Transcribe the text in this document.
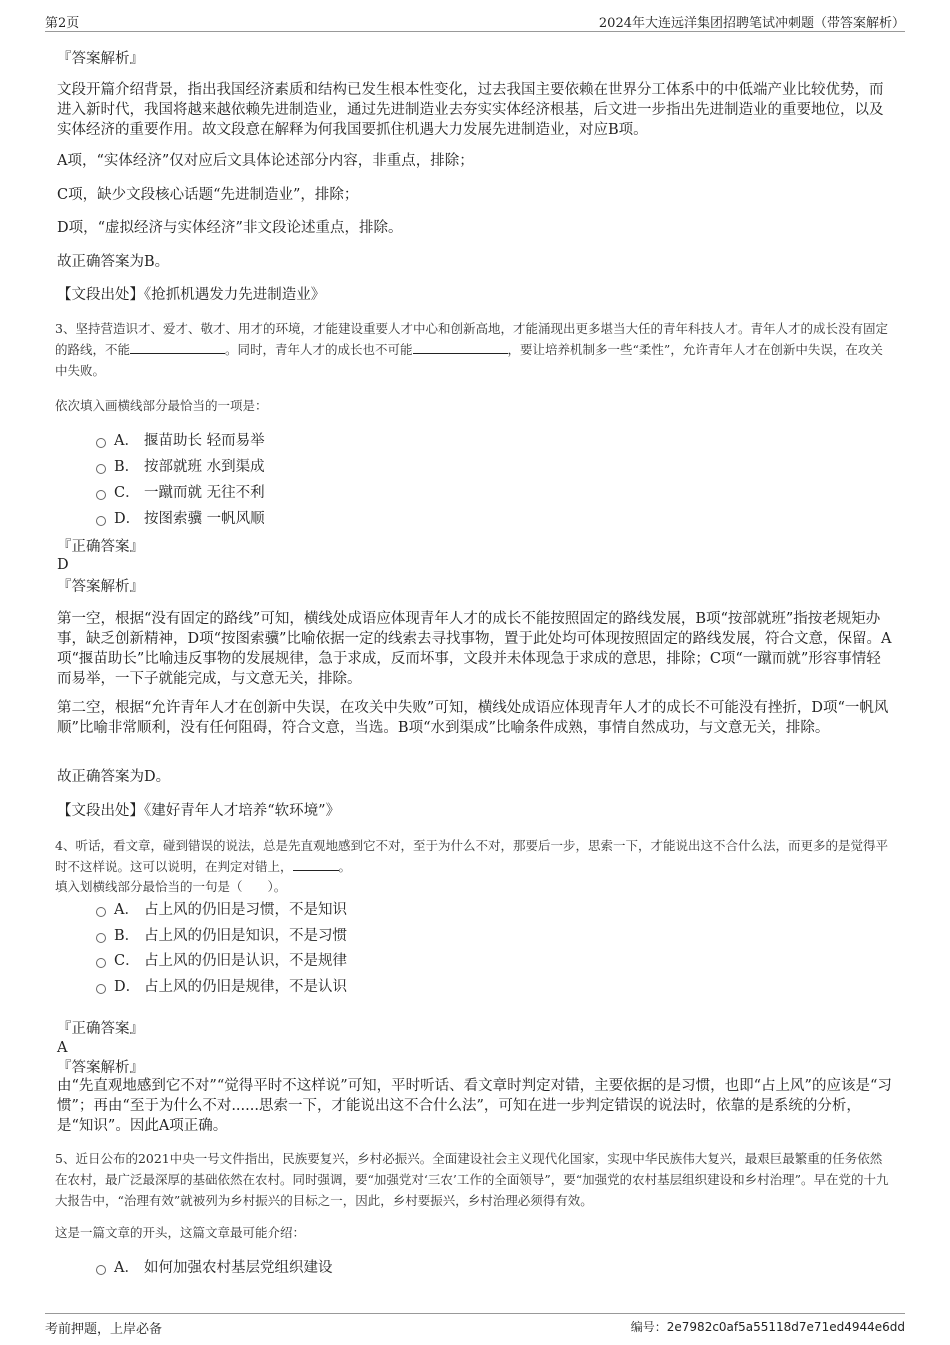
第2页	2024年大连远洋集团招聘笔试冲刺题（带答案解析）
『答案解析』
文段开篇介绍背景，指出我国经济素质和结构已发生根本性变化，过去我国主要依赖在世界分工体系中的中低端产业比较优势，而进入新时代，我国将越来越依赖先进制造业，通过先进制造业去夯实实体经济根基，后文进一步指出先进制造业的重要地位，以及实体经济的重要作用。故文段意在解释为何我国要抓住机遇大力发展先进制造业，对应B项。
A项，“实体经济”仅对应后文具体论述部分内容，非重点，排除；
C项，缺少文段核心话题“先进制造业”，排除；
D项，“虚拟经济与实体经济”非文段论述重点，排除。
故正确答案为B。
【文段出处】《抢抓机遇发力先进制造业》
3、坚持营造识才、爱才、敬才、用才的环境，才能建设重要人才中心和创新高地，才能涌现出更多堪当大任的青年科技人才。青年人才的成长没有固定的路线，不能	。同时，青年人才的成长也不可能	，要让培养机制多一些“柔性”，允许青年人才在创新中失误，在攻关中失败。
依次填入画横线部分最恰当的一项是：
A． 揠苗助长 轻而易举
B． 按部就班 水到渠成
C． 一蹴而就 无往不利
D． 按图索骥 一帆风顺
『正确答案』
D
『答案解析』
第一空，根据“没有固定的路线”可知，横线处成语应体现青年人才的成长不能按照固定的路线发展，B项“按部就班”指按老规矩办事，缺乏创新精神，D项“按图索骥”比喻依据一定的线索去寻找事物，置于此处均可体现按照固定的路线发展，符合文意，保留。A项“揠苗助长”比喻违反事物的发展规律，急于求成，反而坏事，文段并未体现急于求成的意思，排除；C项“一蹴而就”形容事情轻而易举，一下子就能完成，与文意无关，排除。
第二空，根据“允许青年人才在创新中失误，在攻关中失败”可知，横线处成语应体现青年人才的成长不可能没有挫折，D项“一帆风顺”比喻非常顺利，没有任何阻碍，符合文意，当选。B项“水到渠成”比喻条件成熟，事情自然成功，与文意无关，排除。
故正确答案为D。
【文段出处】《建好青年人才培养“软环境”》
4、听话，看文章，碰到错误的说法，总是先直观地感到它不对，至于为什么不对，那要后一步，思索一下，才能说出这不合什么法，而更多的是觉得平时不这样说。这可以说明，在判定对错上，	。
填入划横线部分最恰当的一句是（　　）。
A． 占上风的仍旧是习惯，不是知识
B． 占上风的仍旧是知识，不是习惯
C． 占上风的仍旧是认识，不是规律
D． 占上风的仍旧是规律，不是认识
『正确答案』
A
『答案解析』
由“先直观地感到它不对”“觉得平时不这样说”可知，平时听话、看文章时判定对错，主要依据的是习惯，也即“占上风”的应该是“习惯”；再由“至于为什么不对......思索一下，才能说出这不合什么法”，可知在进一步判定错误的说法时，依靠的是系统的分析，是“知识”。因此A项正确。
5、近日公布的2021中央一号文件指出，民族要复兴，乡村必振兴。全面建设社会主义现代化国家，实现中华民族伟大复兴，最艰巨最繁重的任务依然在农村，最广泛最深厚的基础依然在农村。同时强调，要“加强党对‘三农’工作的全面领导”，要“加强党的农村基层组织建设和乡村治理”。早在党的十九大报告中，“治理有效”就被列为乡村振兴的目标之一，因此，乡村要振兴，乡村治理必须得有效。
这是一篇文章的开头，这篇文章最可能介绍：
A． 如何加强农村基层党组织建设
考前押题，上岸必备	编号：2e7982c0af5a55118d7e71ed4944e6dd
